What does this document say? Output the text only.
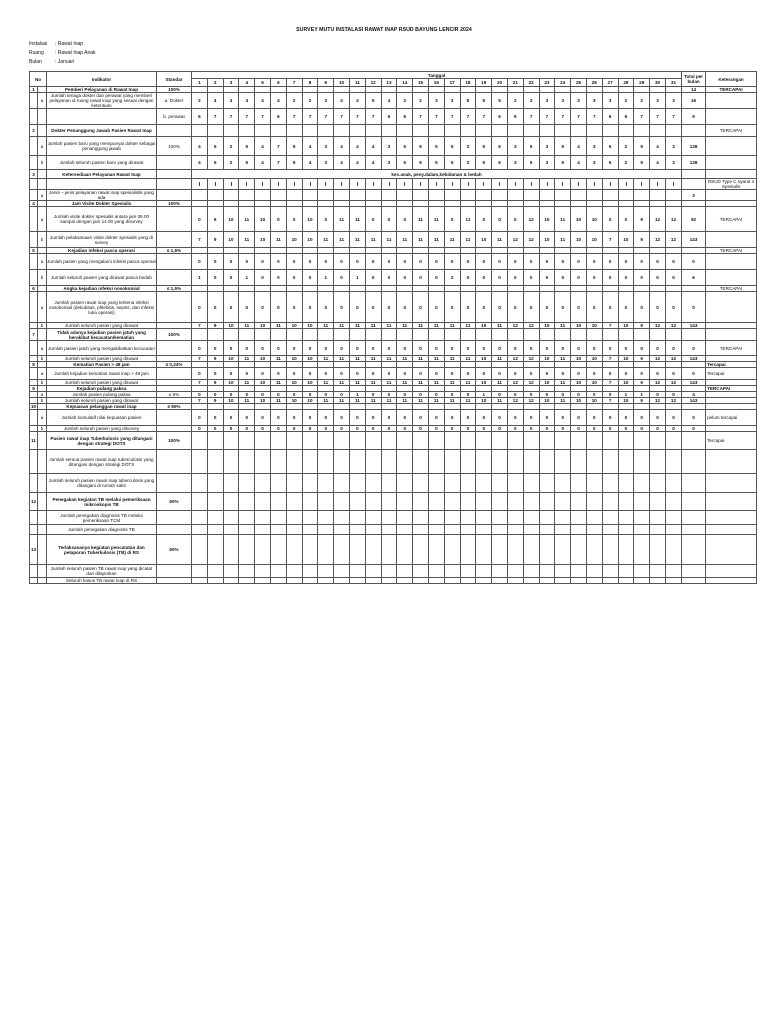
SURVEY MUTU INSTALASI RAWAT INAP RSUD BAYUNG LENCIR 2024
Instalasi	: Rawat Inap
Ruang	: Rawat Inap Anak
Bulan	: Januari
No		Indikator	Standar	Tanggal																															Total per bulan	Keterangan
				1	2	3	4	5	6	7	8	9	10	11	12	13	14	15	16	17	18	19	20	21	22	23	24	25	26	27	28	29	30	31		
1		Pemberi Pelayanan di Rawat Inap	100%																																14	TERCAPAI
	a	Jumlah tenaga dokter dan perawat yang memberi pelayanan di ruang rawat inap yang sesuai dengan ketentuan	a. Dokter	2	4	4	4	4	4	2	2	3	4	4	5	4	2	2	3	3	5	5	5	2	2	3	3	3	3	3	2	2	3	3	16	
			b. perawat	6	7	7	7	7	6	7	7	7	7	7	7	6	6	7	7	7	7	7	6	6	7	7	7	7	7	6	6	7	7	7	9	
2		Dokter Penanggung Jawab Pasien Rawat Inap																																		TERCAPAI
	a	Jumlah pasien baru yang mempunyai dokter sebagai penanggung jawab	100%	4	5	2	6	4	7	5	4	3	4	4	4	3	6	6	5	5	3	5	6	3	5	3	5	4	3	6	2	9	4	3	138	
	b	Jumlah seluruh pasien baru yang dirawat		4	5	2	6	4	7	5	4	3	4	4	4	3	6	6	5	5	3	5	6	3	5	3	5	4	3	6	2	9	4	3	138	
3		Ketersediaan Pelayanan Rawat Inap		kes.anak, peny.dalam,kebidanan & bedah																																
																																				RSUD Type C syarat 4 Spesialis
	a	Jenis – jenis pelayanan rawat inap spesialistik yang ada																																	3	
4		Jam Visite Dokter Spesialis	100%																																	
	a	Jumlah visite dokter spesialis antara jam 08.00 sampai dengan jam 14.00 yang disurvey		0	9	10	11	10	0	0	10	0	11	11	0	0	0	11	11	0	11	0	0	0	12	10	11	10	10	0	0	9	12	12	92	TERCAPAI
	b	Jumlah pelaksanaan visite dokter spesialis yang di survey		7	9	10	11	10	11	10	10	11	11	11	11	11	11	11	11	11	11	10	11	12	12	10	11	10	10	7	10	9	12	12	143	
5		Kejadian infeksi pasca operasi	≤ 1,5%																																	TERCAPAI
	a	Jumlah pasien yang mengalami infeksi pasca operasi		0	0	0	0	0	0	0	0	0	0	0	0	0	0	0	0	0	0	0	0	0	0	0	0	0	0	0	0	0	0	0	0	
	b	Jumlah seluruh pasien yang dirawat pasca bedah		1	0	0	1	0	0	0	0	1	0	1	0	0	0	0	0	2	0	0	0	0	0	0	0	0	0	0	0	0	0	0	6	
6		Angka kejadian infeksi nosokomial	≤ 1,5%																																	TERCAPAI
	a	Jumlah pasien rawat inap yang terkena infeksi nosokomial (dekubitus, phlebitis, sepsis, dan infeksi luka operasi)		0	0	0	0	0	0	0	0	0	0	0	0	0	0	0	0	0	0	0	0	0	0	0	0	0	0	0	0	0	0	0	0	
	b	Jumlah seluruh pasien yang dirawat		7	9	10	11	10	11	10	10	11	11	11	11	11	11	11	11	11	11	10	11	12	12	10	11	10	10	7	10	9	12	12	143	
7		Tidak adanya kejadian pasien jatuh yang berakibat kecacatan/kematian	100%																																	
	a	Jumlah pasien jatuh yang mengakibatkan kecacatan		0	0	0	0	0	0	0	0	0	0	0	0	0	0	0	0	0	0	0	0	0	0	0	0	0	0	0	0	0	0	0	0	TERCAPAI
	b	Jumlah seluruh pasien yang dirawat		7	9	10	11	10	11	10	10	11	11	11	11	11	11	11	11	11	11	10	11	12	12	10	11	10	10	7	10	9	12	12	143	
8		Kematian Pasien > 48 jam	≤ 0,24%																																	Tercapai
	a	Jumlah kejadian kematian rawat inap > 48 jam		0	0	0	0	0	0	0	0	0	0	0	0	0	0	0	0	0	0	0	0	0	0	0	0	0	0	0	0	0	0	0	0	Tercapai
	b	Jumlah seluruh pasien yang dirawat		7	9	10	11	10	11	10	10	11	11	11	11	11	11	11	11	11	11	10	11	12	12	10	11	10	10	7	10	9	12	12	143	
9		Kejadian pulang paksa																																		TERCAPAI
	a	Jumlah pasien pulang paksa	≤ 5%	0	0	0	0	0	0	0	0	0	0	1	0	0	0	0	0	0	0	1	0	0	0	0	0	0	0	0	1	1	0	0	4	
	b	Jumlah seluruh pasien yang dirawat		7	9	10	11	10	11	10	10	11	11	11	11	11	11	11	11	11	11	10	11	12	12	10	11	10	10	7	10	9	12	12	143	
10		Kepuasan pelanggan rawat inap	≥ 90%																																	
	a	Jumlah kumulatif nilai kepuasan pasien		0	0	0	0	0	0	0	0	0	0	0	0	0	0	0	0	0	0	0	0	0	0	0	0	0	0	0	0	0	0	0	0	pelum tercapai
	b	Jumlah seluruh pasien yang disurvey		0	0	0	0	0	0	0	0	0	0	0	0	0	0	0	0	0	0	0	0	0	0	0	0	0	0	0	0	0	0	0	0	
11		Pasien rawat inap Tuberkulosis yang ditangani dengan strategi DOTS	100%																																	Tercapai
		Jumlah semua pasien rawat inap tuberculosis yang ditangani dengan strategi DOTS																																		
		Jumlah seluruh pasien rawat inap tuberculosis yang ditangani di rumah sakit																																		
12		Penegakan kegiatan TB melalui pemeriksaan mikroskopis TB	60%																																	
		Jumlah penegakan diagnosis TB melalui pemeriksaan TCM																																		
		Jumlah penegakan diagnosis TB																																		
13		Terlaksananya kegiatan pencatatan dan pelaporan Tuberkulosis (TB) di RS	60%																																	
		Jumlah seluruh pasien TB rawat inap yang dicatat dan dilaporkan																																		
		Seluruh kasus TB rawat inap di RS																																		
